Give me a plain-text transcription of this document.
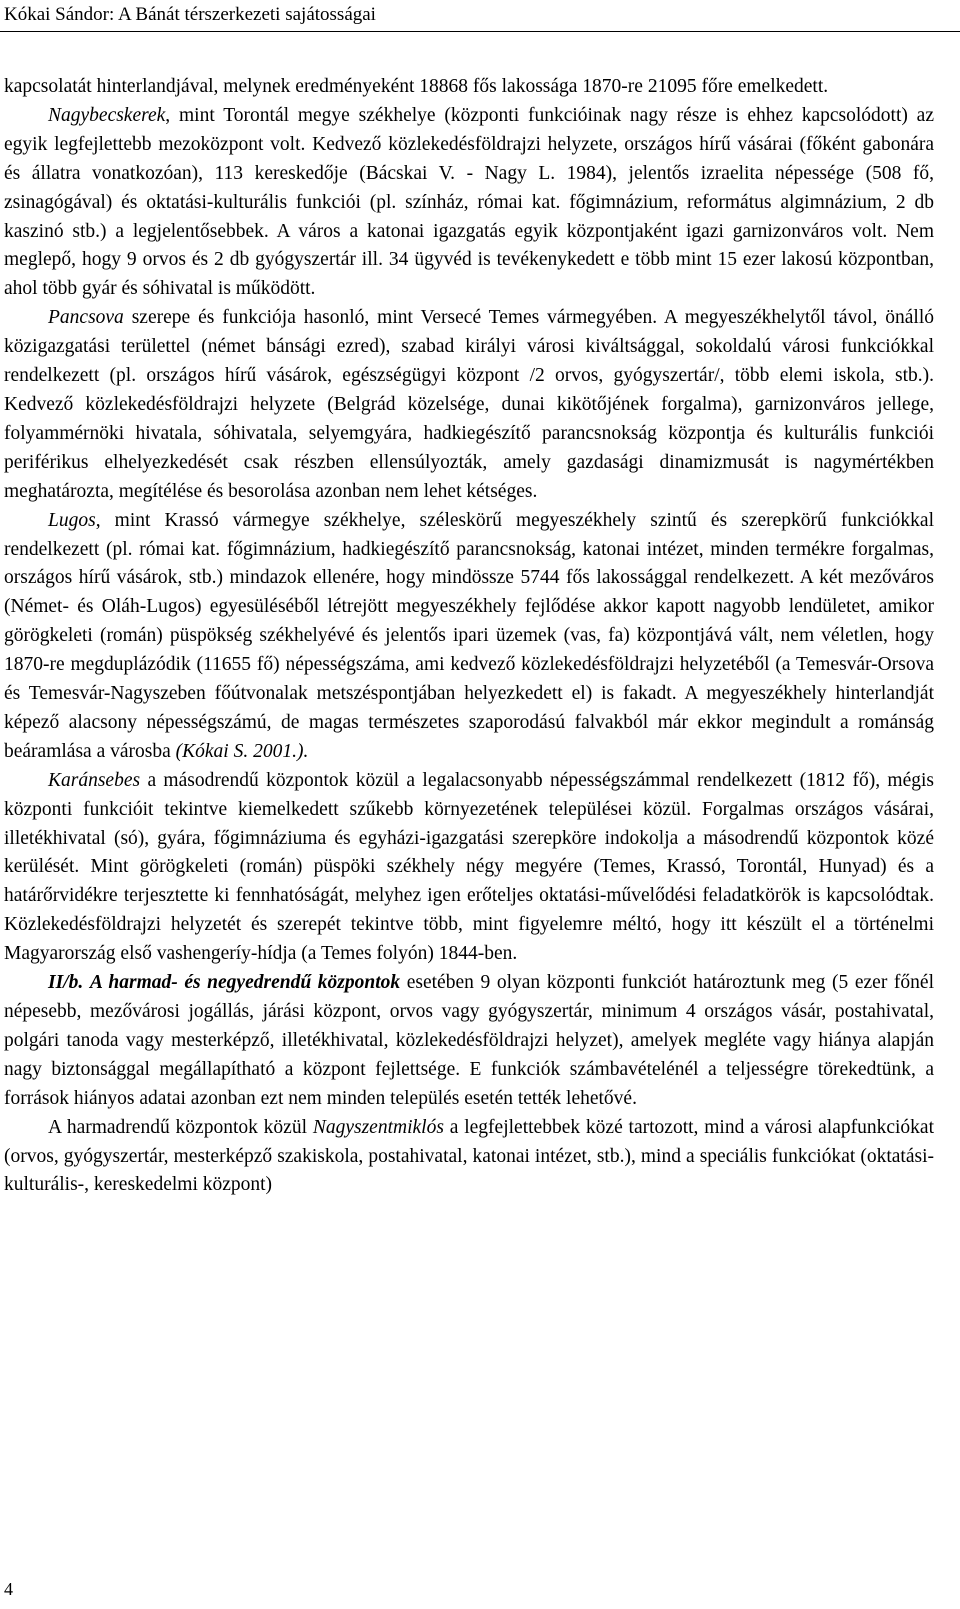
Kókai Sándor: A Bánát térszerkezeti sajátosságai

kapcsolatát hinterlandjával, melynek eredményeként 18868 fős lakossága 1870-re 21095 főre emelkedett.

Nagybecskerek, mint Torontál megye székhelye (központi funkcióinak nagy része is ehhez kapcsolódott) az egyik legfejlettebb mezoközpont volt. Kedvező közlekedésföldrajzi helyzete, országos hírű vásárai (főként gabonára és állatra vonatkozóan), 113 kereskedője (Bácskai V. - Nagy L. 1984), jelentős izraelita népessége (508 fő, zsinagógával) és oktatási-kulturális funkciói (pl. színház, római kat. főgimnázium, református algimnázium, 2 db kaszinó stb.) a legjelentősebbek. A város a katonai igazgatás egyik központjaként igazi garnizonváros volt. Nem meglepő, hogy 9 orvos és 2 db gyógyszertár ill. 34 ügyvéd is tevékenykedett e több mint 15 ezer lakosú központban, ahol több gyár és sóhivatal is működött.

Pancsova szerepe és funkciója hasonló, mint Versecé Temes vármegyében. A megyeszékhelytől távol, önálló közigazgatási területtel (német bánsági ezred), szabad királyi városi kiváltsággal, sokoldalú városi funkciókkal rendelkezett (pl. országos hírű vásárok, egészségügyi központ /2 orvos, gyógyszertár/, több elemi iskola, stb.). Kedvező közlekedésföldrajzi helyzete (Belgrád közelsége, dunai kikötőjének forgalma), garnizonváros jellege, folyammérnöki hivatala, sóhivatala, selyemgyára, hadkiegészítő parancsnokság központja és kulturális funkciói periférikus elhelyezkedését csak részben ellensúlyozták, amely gazdasági dinamizmusát is nagymértékben meghatározta, megítélése és besorolása azonban nem lehet kétséges.

Lugos, mint Krassó vármegye székhelye, széleskörű megyeszékhely szintű és szerepkörű funkciókkal rendelkezett (pl. római kat. főgimnázium, hadkiegészítő parancsnokság, katonai intézet, minden termékre forgalmas, országos hírű vásárok, stb.) mindazok ellenére, hogy mindössze 5744 fős lakossággal rendelkezett. A két mezőváros (Német- és Oláh-Lugos) egyesüléséből létrejött megyeszékhely fejlődése akkor kapott nagyobb lendületet, amikor görögkeleti (román) püspökség székhelyévé és jelentős ipari üzemek (vas, fa) központjává vált, nem véletlen, hogy 1870-re megduplázódik (11655 fő) népességszáma, ami kedvező közlekedésföldrajzi helyzetéből (a Temesvár-Orsova és Temesvár-Nagyszeben főútvonalak metszéspontjában helyezkedett el) is fakadt. A megyeszékhely hinterlandját képező alacsony népességszámú, de magas természetes szaporodású falvakból már ekkor megindult a románság beáramlása a városba (Kókai S. 2001.).

Karánsebes a másodrendű központok közül a legalacsonyabb népességszámmal rendelkezett (1812 fő), mégis központi funkcióit tekintve kiemelkedett szűkebb környezetének települései közül. Forgalmas országos vásárai, illetékhivatal (só), gyára, főgimnáziuma és egyházi-igazgatási szerepköre indokolja a másodrendű központok közé kerülését. Mint görögkeleti (román) püspöki székhely négy megyére (Temes, Krassó, Torontál, Hunyad) és a határőrvidékre terjesztette ki fennhatóságát, melyhez igen erőteljes oktatási-művelődési feladatkörök is kapcsolódtak. Közlekedésföldrajzi helyzetét és szerepét tekintve több, mint figyelemre méltó, hogy itt készült el a történelmi Magyarország első vashengeríy-hídja (a Temes folyón) 1844-ben.

II/b. A harmad- és negyedrendű központok esetében 9 olyan központi funkciót határoztunk meg (5 ezer főnél népesebb, mezővárosi jogállás, járási központ, orvos vagy gyógyszertár, minimum 4 országos vásár, postahivatal, polgári tanoda vagy mesterképző, illetékhivatal, közlekedésföldrajzi helyzet), amelyek megléte vagy hiánya alapján nagy biztonsággal megállapítható a központ fejlettsége. E funkciók számbavételénél a teljességre törekedtünk, a források hiányos adatai azonban ezt nem minden település esetén tették lehetővé.

A harmadrendű központok közül Nagyszentmiklós a legfejlettebbek közé tartozott, mind a városi alapfunkciókat (orvos, gyógyszertár, mesterképző szakiskola, postahivatal, katonai intézet, stb.), mind a speciális funkciókat (oktatási-kulturális-, kereskedelmi központ)

4
